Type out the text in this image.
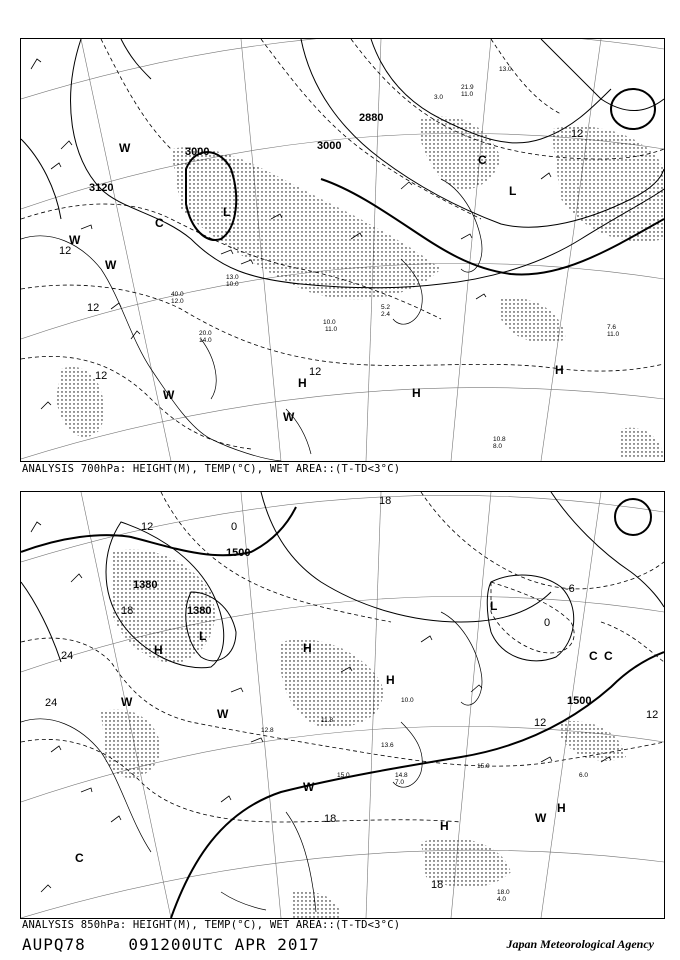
L
L
C
C
H
H
H
W
W
W
W
W
3000	3000
3120
2880
12
12
12	12
12
10.0
11.0
5.2
2.4
13.0
10.0
7.6
11.0
10.8
8.0
20.0
14.0
21.9
11.0
3.0
13.0
40.0
12.0
ANALYSIS 700hPa: HEIGHT(M), TEMP(°C), WET AREA::(T-TD<3°C)
L
L
C
C C
H	H
H
H
H
W
W
W
W
1380
1380
1500
1500
18
12
24
24
18
18
18
12
12
0
0
-6
15.0
6.0
15.0	14.8
7.0
18.0
4.0
13.6
10.0
11.8
12.8
ANALYSIS 850hPa: HEIGHT(M), TEMP(°C), WET AREA::(T-TD<3°C)
AUPQ78	091200UTC APR 2017	Japan Meteorological Agency
